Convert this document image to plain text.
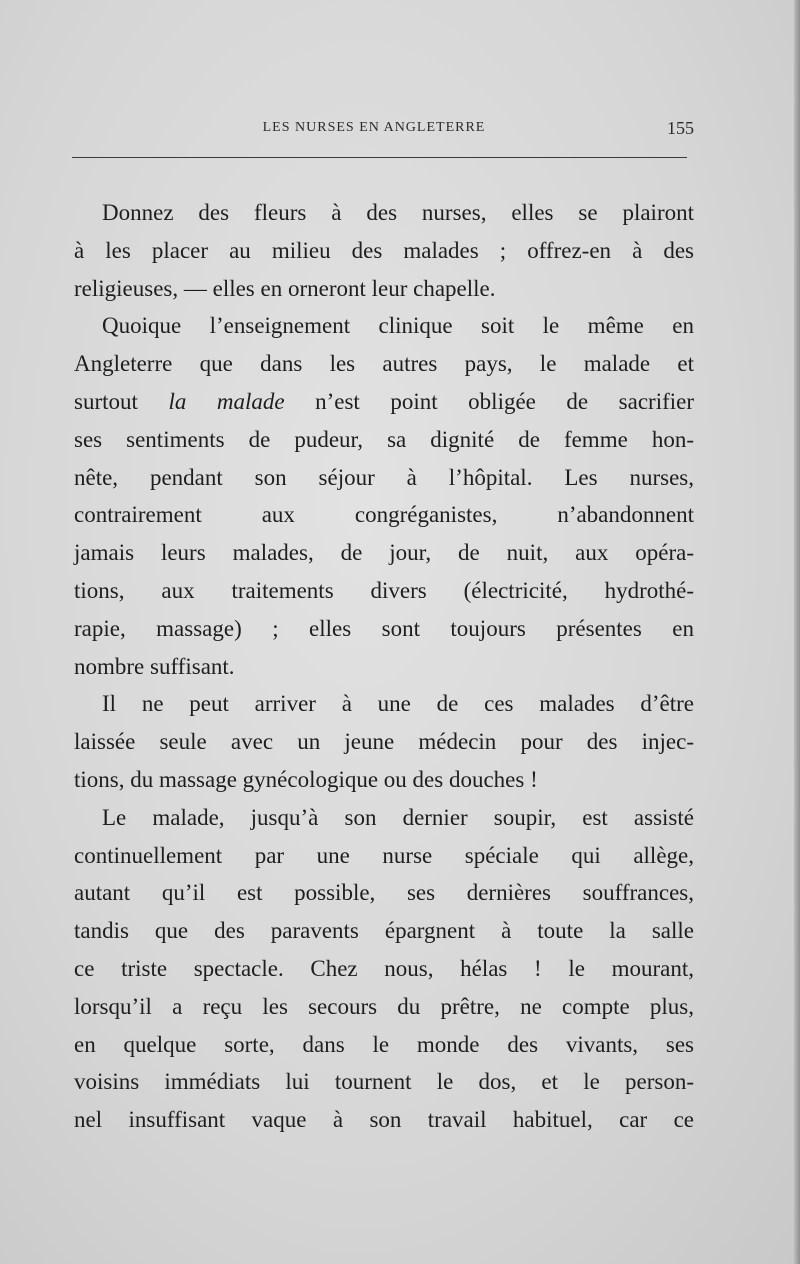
LES NURSES EN ANGLETERRE	155
Donnez des fleurs à des nurses, elles se plairont
à les placer au milieu des malades ; offrez-en à des
religieuses, — elles en orneront leur chapelle.
Quoique l’enseignement clinique soit le même en
Angleterre que dans les autres pays, le malade et
surtout la malade n’est point obligée de sacrifier
ses sentiments de pudeur, sa dignité de femme hon-
nête, pendant son séjour à l’hôpital. Les nurses,
contrairement aux congréganistes, n’abandonnent
jamais leurs malades, de jour, de nuit, aux opéra-
tions, aux traitements divers (électricité, hydrothé-
rapie, massage) ; elles sont toujours présentes en
nombre suffisant.
Il ne peut arriver à une de ces malades d’être
laissée seule avec un jeune médecin pour des injec-
tions, du massage gynécologique ou des douches !
Le malade, jusqu’à son dernier soupir, est assisté
continuellement par une nurse spéciale qui allège,
autant qu’il est possible, ses dernières souffrances,
tandis que des paravents épargnent à toute la salle
ce triste spectacle. Chez nous, hélas ! le mourant,
lorsqu’il a reçu les secours du prêtre, ne compte plus,
en quelque sorte, dans le monde des vivants, ses
voisins immédiats lui tournent le dos, et le person-
nel insuffisant vaque à son travail habituel, car ce
